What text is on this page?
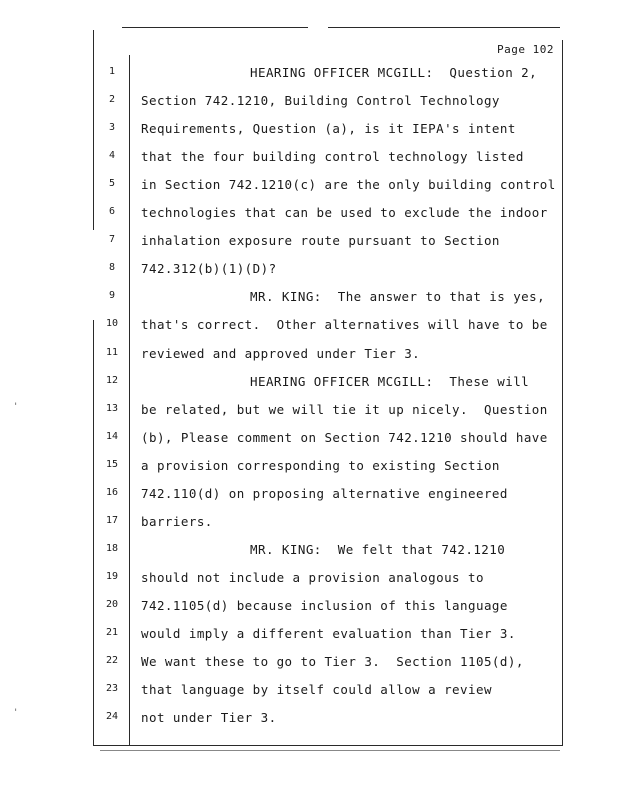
'
'
Page 102
1	HEARING OFFICER MCGILL:  Question 2,
2	Section 742.1210, Building Control Technology
3	Requirements, Question (a), is it IEPA's intent
4	that the four building control technology listed
5	in Section 742.1210(c) are the only building control
6	technologies that can be used to exclude the indoor
7	inhalation exposure route pursuant to Section
8	742.312(b)(1)(D)?
9	MR. KING:  The answer to that is yes,
10	that's correct.  Other alternatives will have to be
11	reviewed and approved under Tier 3.
12	HEARING OFFICER MCGILL:  These will
13	be related, but we will tie it up nicely.  Question
14	(b), Please comment on Section 742.1210 should have
15	a provision corresponding to existing Section
16	742.110(d) on proposing alternative engineered
17	barriers.
18	MR. KING:  We felt that 742.1210
19	should not include a provision analogous to
20	742.1105(d) because inclusion of this language
21	would imply a different evaluation than Tier 3.
22	We want these to go to Tier 3.  Section 1105(d),
23	that language by itself could allow a review
24	not under Tier 3.
